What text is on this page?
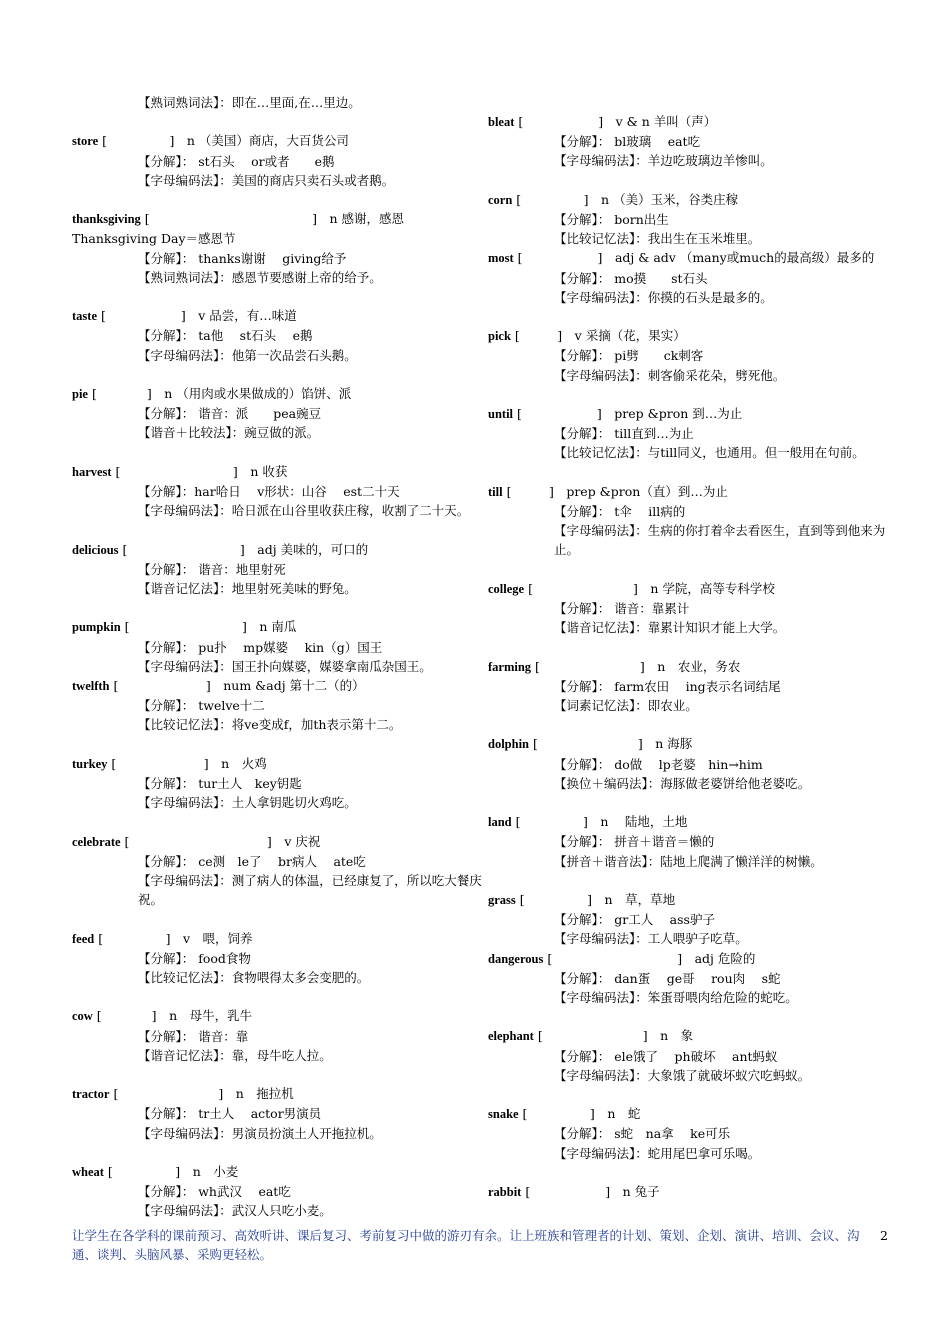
【熟词熟词法】：即在…里面,在…里边。
store [     ]　n （美国）商店，大百货公司
【分解】： st石头　 or或者　　e鹅
【字母编码法】：美国的商店只卖石头或者鹅。
thanksgiving [             ]　n 感谢，感恩 Thanksgiving Day＝感恩节
【分解】： thanks谢谢　 giving给予
【熟词熟词法】：感恩节要感谢上帝的给予。
taste [      ]　v 品尝，有…味道
【分解】： ta他　 st石头　 e鹅
【字母编码法】：他第一次品尝石头鹅。
pie [    ]　n （用肉或水果做成的）馅饼、派
【分解】： 谐音：派　　pea豌豆
【谐音＋比较法】：豌豆做的派。
harvest [         ]　n 收获
【分解】：har哈日　 v形状：山谷　 est二十天
【字母编码法】：哈日派在山谷里收获庄稼，收割了二十天。
delicious [         ]　adj 美味的，可口的
【分解】： 谐音：地里射死
【谐音记忆法】：地里射死美味的野兔。
pumpkin [         ]　n 南瓜
【分解】： pu扑　 mp媒婆　 kin（g）国王
【字母编码法】：国王扑向媒婆，媒婆拿南瓜杂国王。
twelfth [       ]　num &adj 第十二（的）
【分解】： twelve十二
【比较记忆法】：将ve变成f，加th表示第十二。
turkey [       ]　n　火鸡
【分解】： tur土人　key钥匙
【字母编码法】：土人拿钥匙切火鸡吃。
celebrate [           ]　v 庆祝
【分解】： ce测　le了　 br病人　 ate吃
【字母编码法】：测了病人的体温，已经康复了，所以吃大餐庆祝。
feed [     ]　v　喂，饲养
【分解】： food食物
【比较记忆法】：食物喂得太多会变肥的。
cow [    ]　n　母牛，乳牛
【分解】： 谐音：靠
【谐音记忆法】：靠，母牛吃人拉。
tractor [        ]　n　拖拉机
【分解】： tr土人　 actor男演员
【字母编码法】：男演员扮演土人开拖拉机。
wheat [     ]　n　小麦
【分解】： wh武汉　 eat吃
【字母编码法】：武汉人只吃小麦。
bleat [      ]　v & n 羊叫（声）
【分解】： bl玻璃　 eat吃
【字母编码法】：羊边吃玻璃边羊惨叫。
corn [     ]　n （美）玉米，谷类庄稼
【分解】： born出生
【比较记忆法】：我出生在玉米堆里。
most [      ]　adj & adv （many或much的最高级）最多的
【分解】： mo摸　　st石头
【字母编码法】：你摸的石头是最多的。
pick [   ]　v 采摘（花，果实）
【分解】： pi劈　　ck刺客
【字母编码法】：刺客偷采花朵，劈死他。
until [      ]　prep &pron 到…为止
【分解】： till直到…为止
【比较记忆法】：与till同义，也通用。但一般用在句前。
till [   ]　prep &pron（直）到…为止
【分解】： t伞　 ill病的
【字母编码法】：生病的你打着伞去看医生，直到等到他来为止。
college [        ]　n 学院，高等专科学校
【分解】： 谐音：靠累计
【谐音记忆法】：靠累计知识才能上大学。
farming [        ]　n　农业，务农
【分解】： farm农田　 ing表示名词结尾
【词素记忆法】：即农业。
dolphin [        ]　n 海豚
【分解】： do做　 lp老婆　hin→him
【换位＋编码法】：海豚做老婆饼给他老婆吃。
land [     ]　n　 陆地，土地
【分解】： 拼音＋谐音＝懒的
【拼音＋谐音法】：陆地上爬满了懒洋洋的树懒。
grass [     ]　n　草，草地
【分解】： gr工人　 ass驴子
【字母编码法】：工人喂驴子吃草。
dangerous [          ]　adj 危险的
【分解】： dan蛋　 ge哥　 rou肉　 s蛇
【字母编码法】：笨蛋哥喂肉给危险的蛇吃。
elephant [        ]　n　象
【分解】： ele饿了　 ph破坏　 ant蚂蚁
【字母编码法】：大象饿了就破坏蚁穴吃蚂蚁。
snake [     ]　n　蛇
【分解】： s蛇　na拿　 ke可乐
【字母编码法】：蛇用尾巴拿可乐喝。
rabbit [      ]　n 兔子
让学生在各学科的课前预习、高效听讲、课后复习、考前复习中做的游刃有余。让上班族和管理者的计划、策划、企划、演讲、培训、会议、沟通、谈判、头脑风暴、采购更轻松。
2
